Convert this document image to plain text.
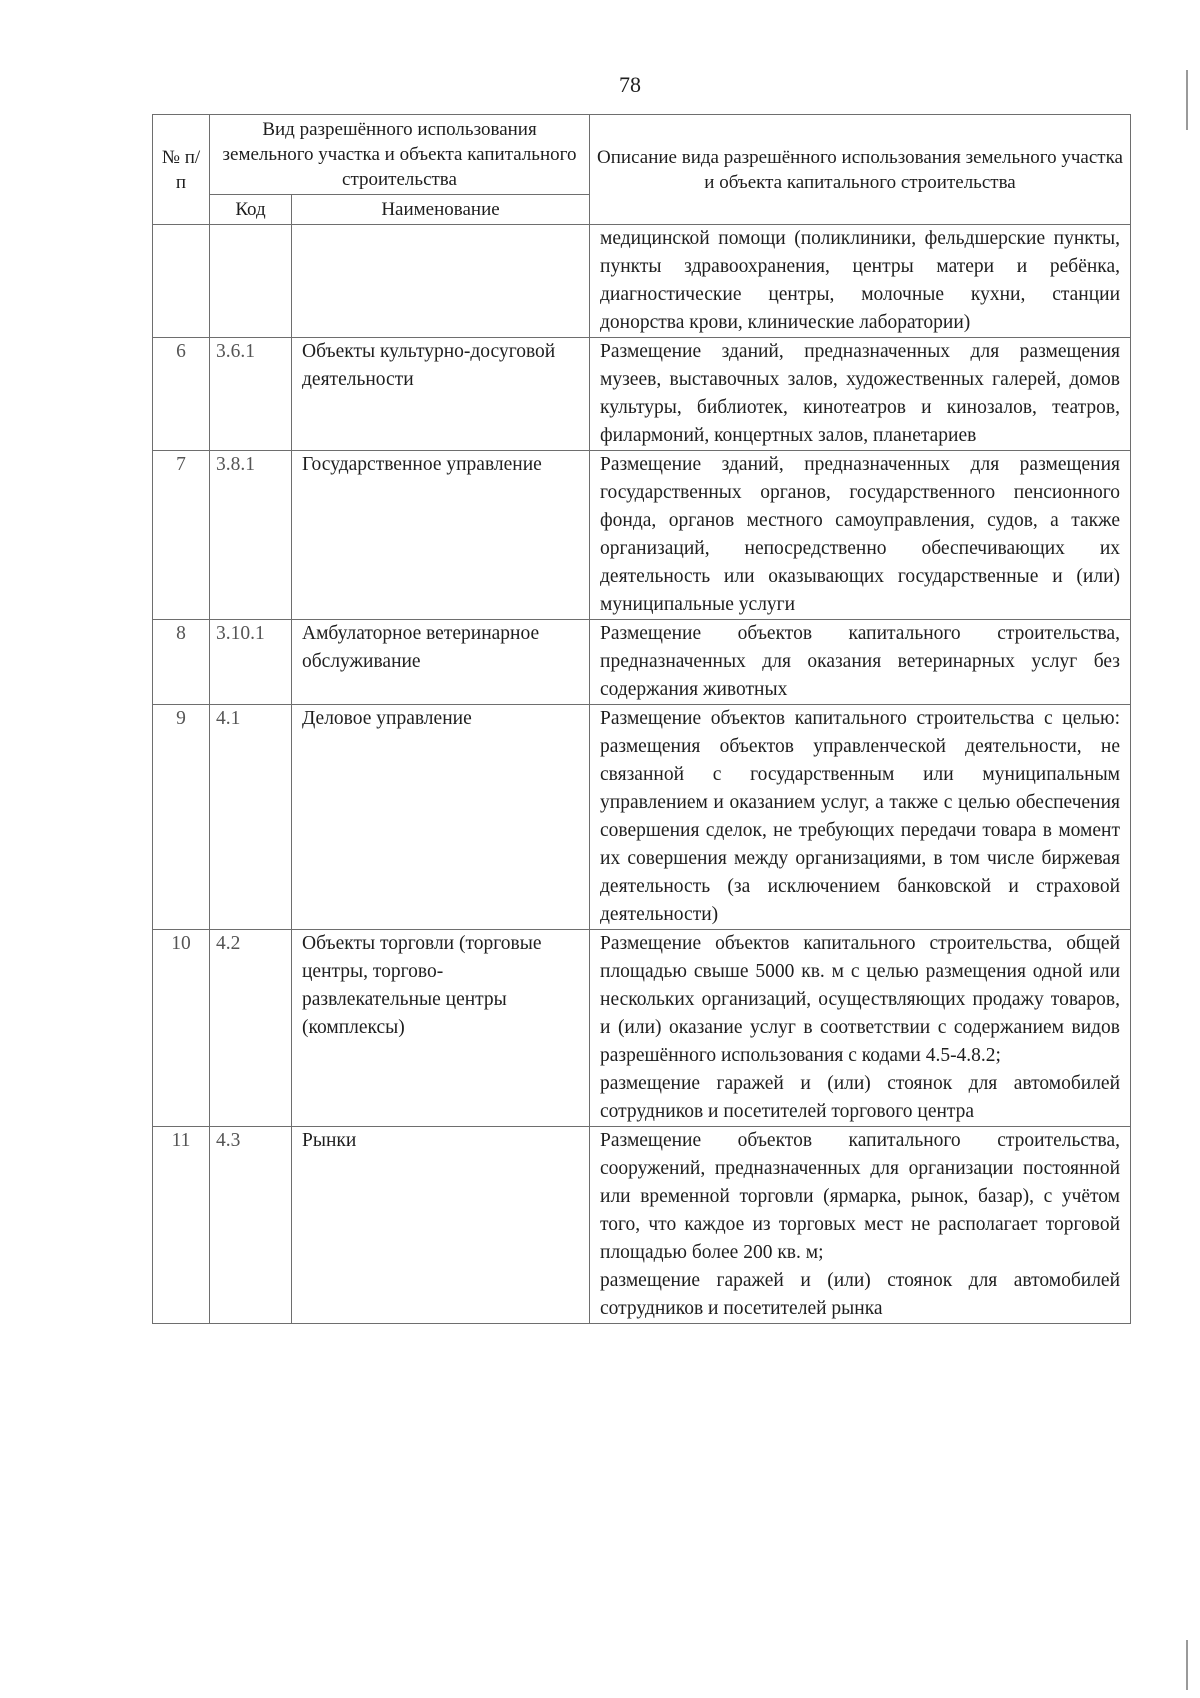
78
№ п/п	Вид разрешённого использования земельного участка и объекта капитального строительства		Описание вида разрешённого использования земельного участка и объекта капитального строительства
	Код	Наименование	

			медицинской помощи (поликлиники, фельдшерские пункты, пункты здравоохранения, центры матери и ребёнка, диагностические центры, молочные кухни, станции донорства крови, клинические лаборатории)

6	3.6.1	Объекты культурно-досуговой деятельности	Размещение зданий, предназначенных для размещения музеев, выставочных залов, художественных галерей, домов культуры, библиотек, кинотеатров и кинозалов, театров, филармоний, концертных залов, планетариев

7	3.8.1	Государственное управление	Размещение зданий, предназначенных для размещения государственных органов, государственного пенсионного фонда, органов местного самоуправления, судов, а также организаций, непосредственно обеспечивающих их деятельность или оказывающих государственные и (или) муниципальные услуги

8	3.10.1	Амбулаторное ветеринарное обслуживание	Размещение объектов капитального строительства, предназначенных для оказания ветеринарных услуг без содержания животных

9	4.1	Деловое управление	Размещение объектов капитального строительства с целью: размещения объектов управленческой деятельности, не связанной с государственным или муниципальным управлением и оказанием услуг, а также с целью обеспечения совершения сделок, не требующих передачи товара в момент их совершения между организациями, в том числе биржевая деятельность (за исключением банковской и страховой деятельности)

10	4.2	Объекты торговли (торговые центры, торгово-развлекательные центры (комплексы)	Размещение объектов капитального строительства, общей площадью свыше 5000 кв. м с целью размещения одной или нескольких организаций, осуществляющих продажу товаров, и (или) оказание услуг в соответствии с содержанием видов разрешённого использования с кодами 4.5-4.8.2;
размещение гаражей и (или) стоянок для автомобилей сотрудников и посетителей торгового центра

11	4.3	Рынки	Размещение объектов капитального строительства, сооружений, предназначенных для организации постоянной или временной торговли (ярмарка, рынок, базар), с учётом того, что каждое из торговых мест не располагает торговой площадью более 200 кв. м;
размещение гаражей и (или) стоянок для автомобилей сотрудников и посетителей рынка
